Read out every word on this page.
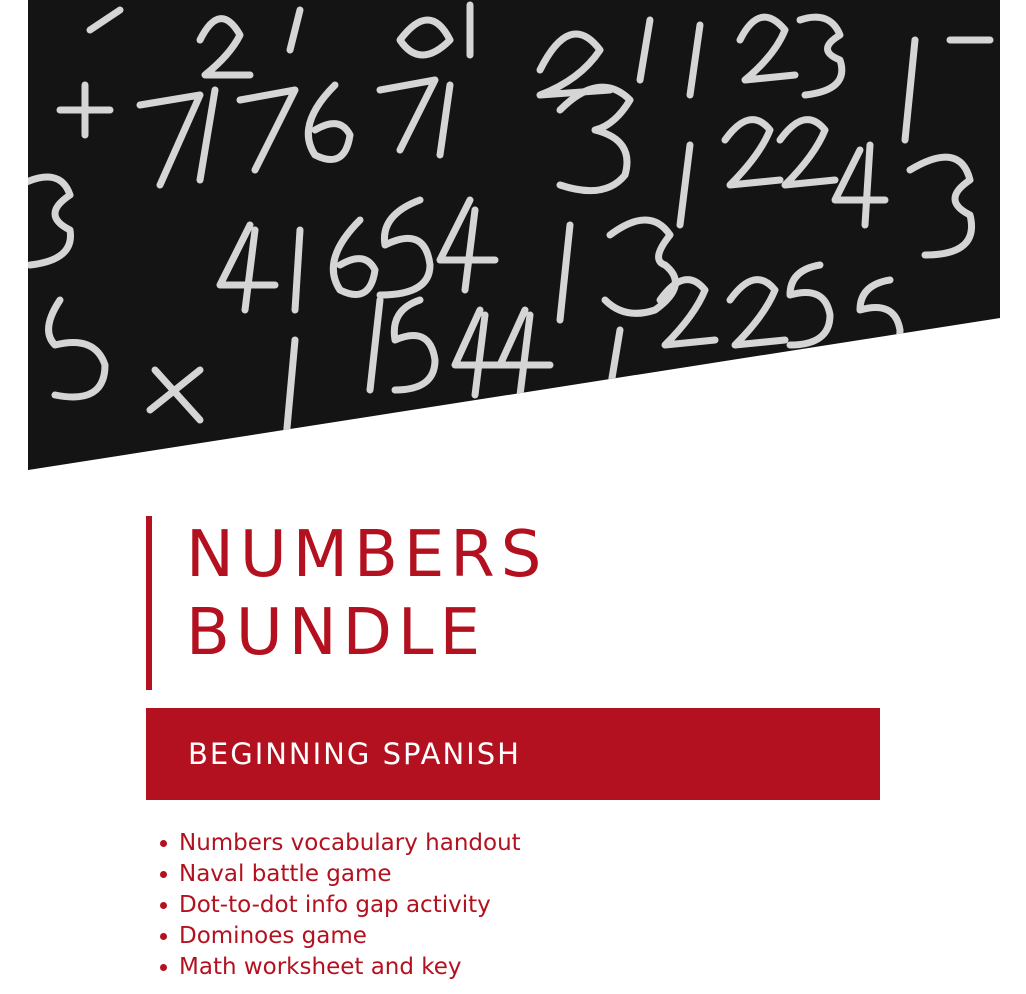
NUMBERS
BUNDLE
BEGINNING SPANISH
Numbers vocabulary handout
Naval battle game
Dot-to-dot info gap activity
Dominoes game
Math worksheet and key
